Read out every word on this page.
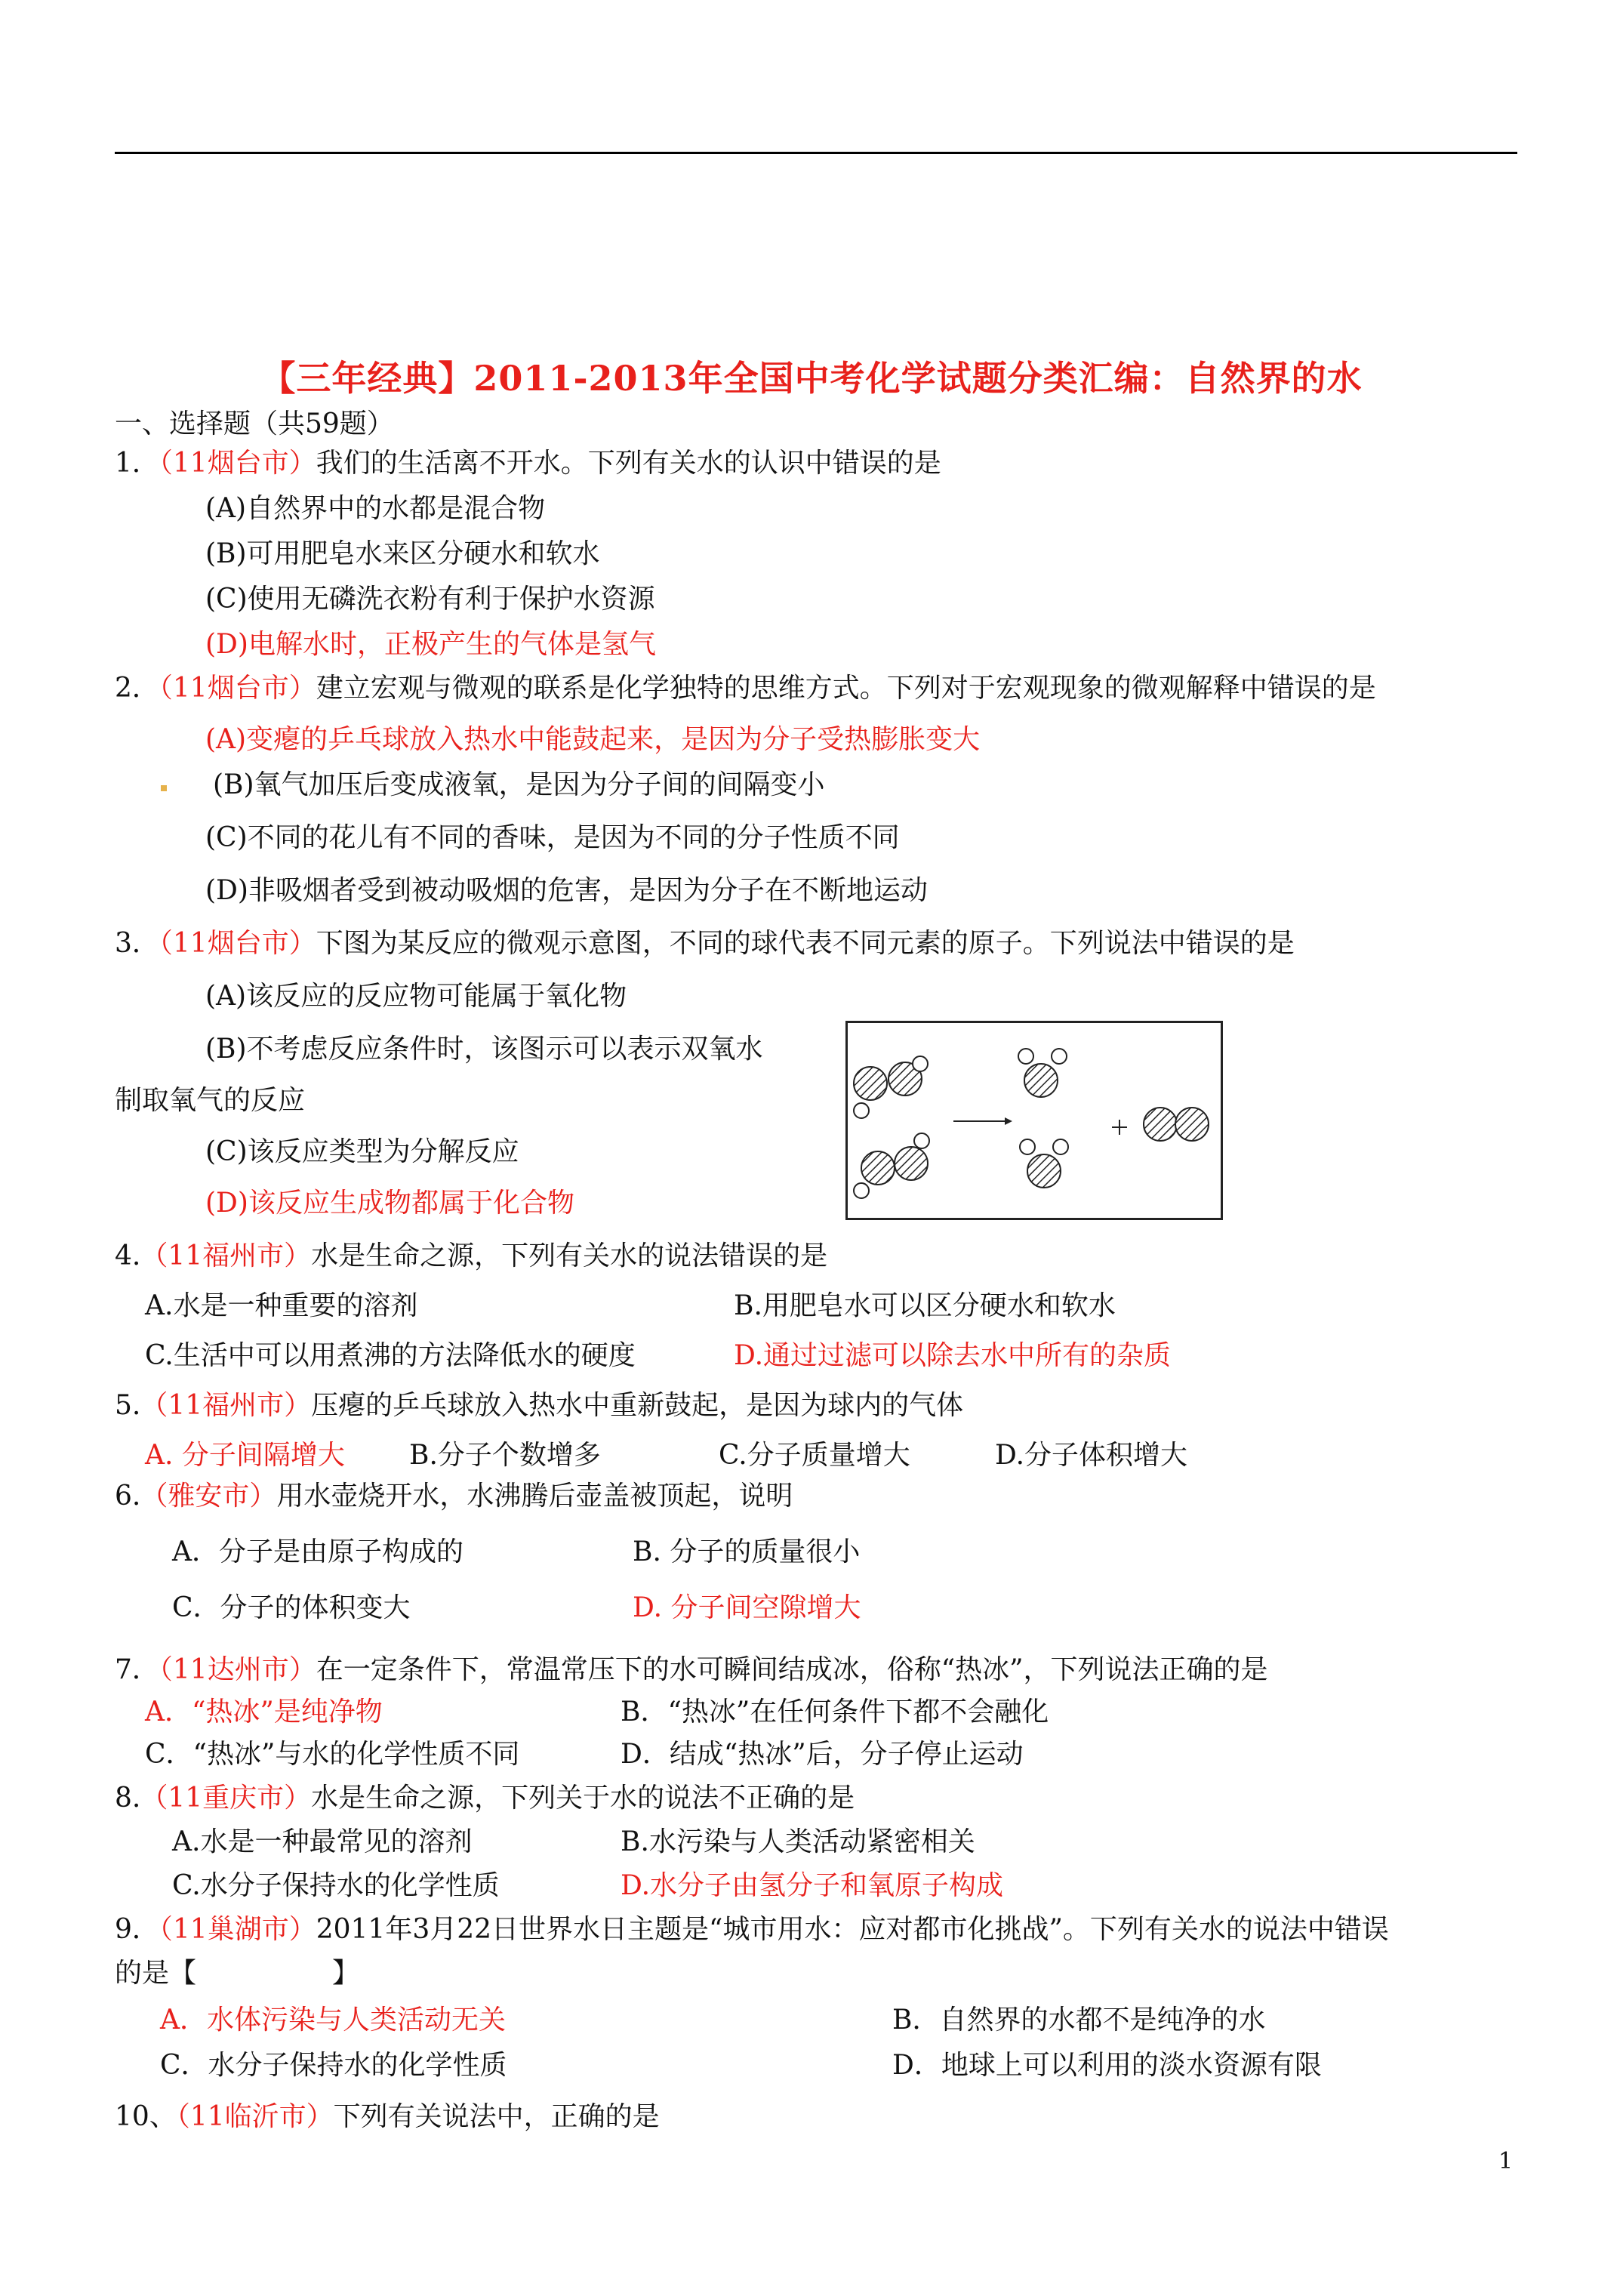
【三年经典】2011-2013年全国中考化学试题分类汇编：自然界的水
一、选择题（共59题）
1．（11烟台市）我们的生活离不开水。下列有关水的认识中错误的是
(A)自然界中的水都是混合物
(B)可用肥皂水来区分硬水和软水
(C)使用无磷洗衣粉有利于保护水资源
(D)电解水时，正极产生的气体是氢气
2．（11烟台市）建立宏观与微观的联系是化学独特的思维方式。下列对于宏观现象的微观解释中错误的是
(A)变瘪的乒乓球放入热水中能鼓起来，是因为分子受热膨胀变大
(B)氧气加压后变成液氧，是因为分子间的间隔变小
(C)不同的花儿有不同的香味，是因为不同的分子性质不同
(D)非吸烟者受到被动吸烟的危害，是因为分子在不断地运动
3．（11烟台市）下图为某反应的微观示意图，不同的球代表不同元素的原子。下列说法中错误的是
(A)该反应的反应物可能属于氧化物
(B)不考虑反应条件时，该图示可以表示双氧水
制取氧气的反应
(C)该反应类型为分解反应
(D)该反应生成物都属于化合物
4.（11福州市）水是生命之源，下列有关水的说法错误的是
A.水是一种重要的溶剂	B.用肥皂水可以区分硬水和软水
C.生活中可以用煮沸的方法降低水的硬度	D.通过过滤可以除去水中所有的杂质
5.（11福州市）压瘪的乒乓球放入热水中重新鼓起，是因为球内的气体
A. 分子间隔增大 B.分子个数增多	C.分子质量增大	D.分子体积增大
6.（雅安市）用水壶烧开水，水沸腾后壶盖被顶起，说明
A．分子是由原子构成的	B. 分子的质量很小
C．分子的体积变大	D. 分子间空隙增大
7．（11达州市）在一定条件下，常温常压下的水可瞬间结成冰，俗称“热冰”，下列说法正确的是
A．“热冰”是纯净物	B．“热冰”在任何条件下都不会融化
C．“热冰”与水的化学性质不同	D．结成“热冰”后，分子停止运动
8.（11重庆市）水是生命之源，下列关于水的说法不正确的是
A.水是一种最常见的溶剂	B.水污染与人类活动紧密相关
C.水分子保持水的化学性质	D.水分子由氢分子和氧原子构成
9．（11巢湖市）2011年3月22日世界水日主题是“城市用水：应对都市化挑战”。下列有关水的说法中错误
的是【　　　　　】
A．水体污染与人类活动无关	B．自然界的水都不是纯净的水
C．水分子保持水的化学性质	D．地球上可以利用的淡水资源有限
10、（11临沂市）下列有关说法中，正确的是
1
